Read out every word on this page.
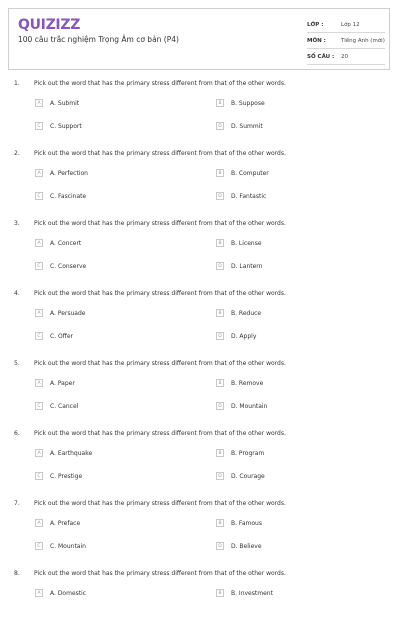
QUIZIZZ
100 câu trắc nghiệm Trọng Âm cơ bản (P4)
LỚP :	Lớp 12
MÔN :	Tiếng Anh (mới)
SỐ CÂU :	20
1. Pick out the word that has the primary stress different from that of the other words.
A	A. Submit	B	B. Suppose
C	C. Support	D	D. Summit
2. Pick out the word that has the primary stress different from that of the other words.
A	A. Perfection	B	B. Computer
C	C. Fascinate	D	D. Fantastic
3. Pick out the word that has the primary stress different from that of the other words.
A	A. Concert	B	B. License
C	C. Conserve	D	D. Lantern
4. Pick out the word that has the primary stress different from that of the other words.
A	A. Persuade	B	B. Reduce
C	C. Offer	D	D. Apply
5. Pick out the word that has the primary stress different from that of the other words.
A	A. Paper	B	B. Remove
C	C. Cancel	D	D. Mountain
6. Pick out the word that has the primary stress different from that of the other words.
A	A. Earthquake	B	B. Program
C	C. Prestige	D	D. Courage
7. Pick out the word that has the primary stress different from that of the other words.
A	A. Preface	B	B. Famous
C	C. Mountain	D	D. Believe
8. Pick out the word that has the primary stress different from that of the other words.
A	A. Domestic	B	B. Investment
